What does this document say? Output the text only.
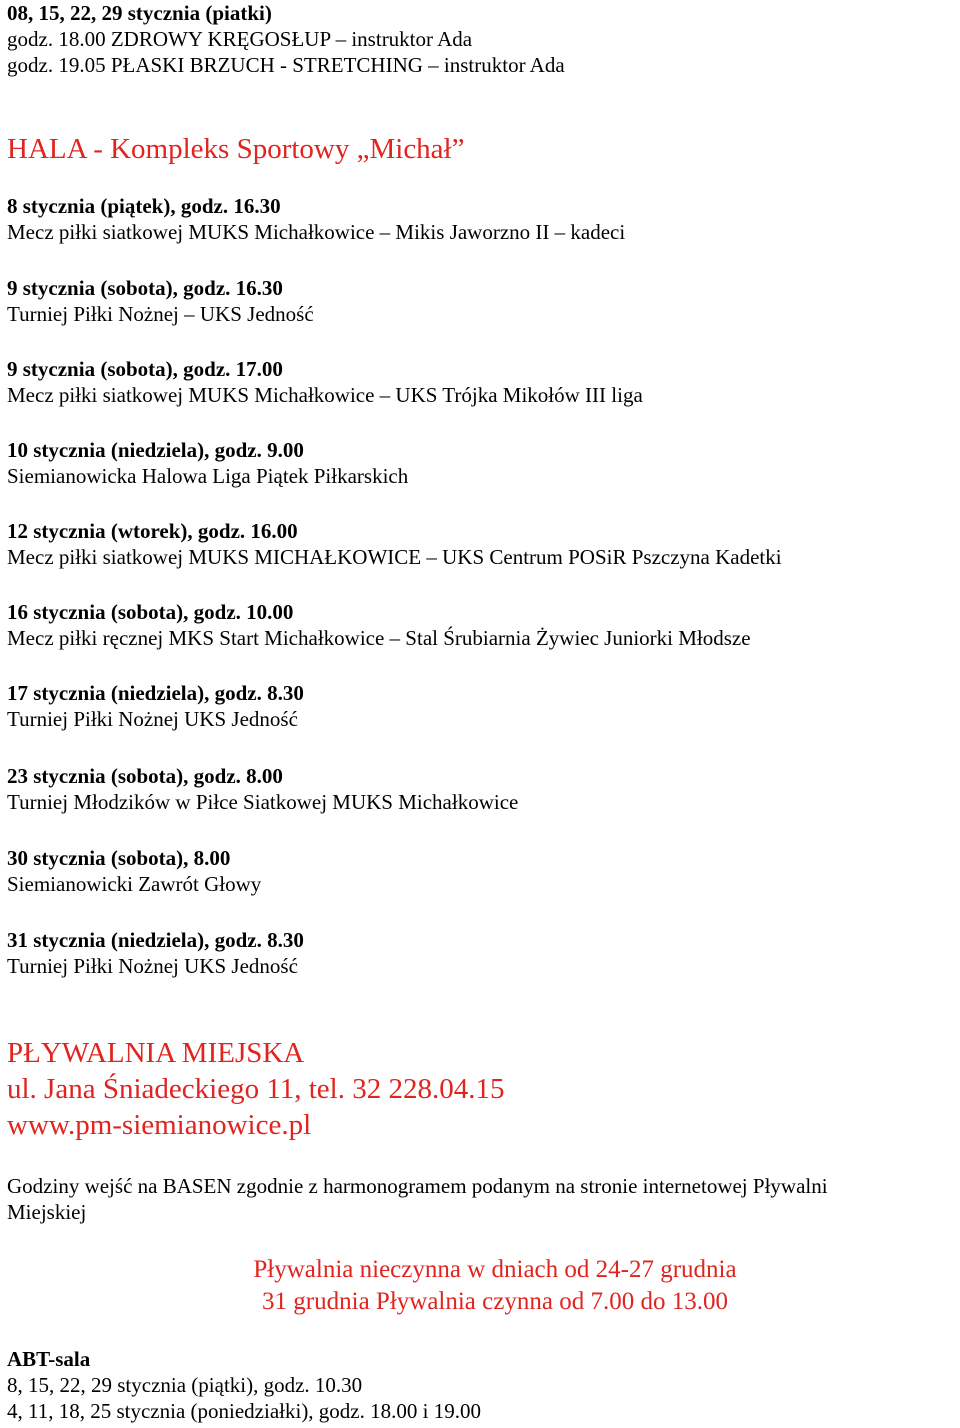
08, 15, 22, 29 stycznia (piatki)

godz. 18.00 ZDROWY KRĘGOSŁUP – instruktor Ada

godz. 19.05 PŁASKI BRZUCH - STRETCHING – instruktor Ada

HALA - Kompleks Sportowy „Michał”

8 stycznia (piątek), godz. 16.30

Mecz piłki siatkowej MUKS Michałkowice – Mikis Jaworzno II – kadeci

9 stycznia (sobota), godz. 16.30

Turniej Piłki Nożnej – UKS Jedność

9 stycznia (sobota), godz. 17.00

Mecz piłki siatkowej MUKS Michałkowice – UKS Trójka Mikołów III liga

10 stycznia (niedziela), godz. 9.00

Siemianowicka Halowa Liga Piątek Piłkarskich

12 stycznia (wtorek), godz. 16.00

Mecz piłki siatkowej MUKS MICHAŁKOWICE – UKS Centrum POSiR Pszczyna Kadetki

16 stycznia (sobota), godz. 10.00

Mecz piłki ręcznej MKS Start Michałkowice – Stal Śrubiarnia Żywiec Juniorki Młodsze

17 stycznia (niedziela), godz. 8.30

Turniej Piłki Nożnej UKS Jedność

23 stycznia (sobota), godz. 8.00

Turniej Młodzików w Piłce Siatkowej MUKS Michałkowice

30 stycznia (sobota), 8.00

Siemianowicki Zawrót Głowy

31 stycznia (niedziela), godz. 8.30

Turniej Piłki Nożnej UKS Jedność

PŁYWALNIA MIEJSKA

ul. Jana Śniadeckiego 11, tel. 32 228.04.15

www.pm-siemianowice.pl

Godziny wejść na BASEN zgodnie z harmonogramem podanym na stronie internetowej Pływalni

Miejskiej

Pływalnia nieczynna w dniach od 24-27 grudnia

31 grudnia Pływalnia czynna od 7.00 do 13.00

ABT-sala

8, 15, 22, 29 stycznia (piątki), godz. 10.30

4, 11, 18, 25 stycznia (poniedziałki), godz. 18.00 i 19.00
